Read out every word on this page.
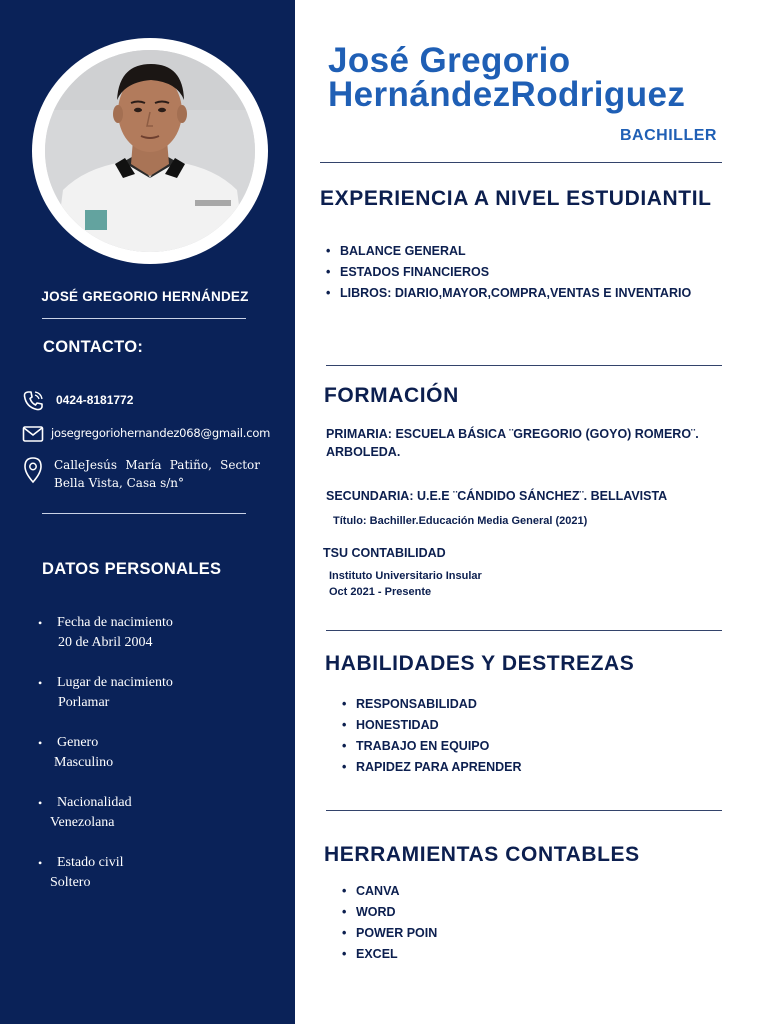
JOSÉ GREGORIO HERNÁNDEZ
CONTACTO:
0424-8181772
josegregoriohernandez068@gmail.com
CalleJesús María Patiño, Sector Bella Vista, Casa s/n°
DATOS PERSONALES
• Fecha de nacimiento
20 de Abril 2004
• Lugar de nacimiento
Porlamar
• Genero
Masculino
• Nacionalidad
Venezolana
• Estado civil
Soltero
José Gregorio
HernándezRodriguez
BACHILLER
EXPERIENCIA A NIVEL ESTUDIANTIL
• BALANCE GENERAL
• ESTADOS FINANCIEROS
• LIBROS: DIARIO,MAYOR,COMPRA,VENTAS E INVENTARIO
FORMACIÓN
PRIMARIA: ESCUELA BÁSICA ¨GREGORIO (GOYO) ROMERO¨. ARBOLEDA.
SECUNDARIA: U.E.E ¨CÁNDIDO SÁNCHEZ¨. BELLAVISTA
Título: Bachiller.Educación Media General (2021)
TSU CONTABILIDAD
Instituto Universitario Insular
Oct 2021 - Presente
HABILIDADES Y DESTREZAS
• RESPONSABILIDAD
• HONESTIDAD
• TRABAJO EN EQUIPO
• RAPIDEZ PARA APRENDER
HERRAMIENTAS CONTABLES
• CANVA
• WORD
• POWER POIN
• EXCEL
